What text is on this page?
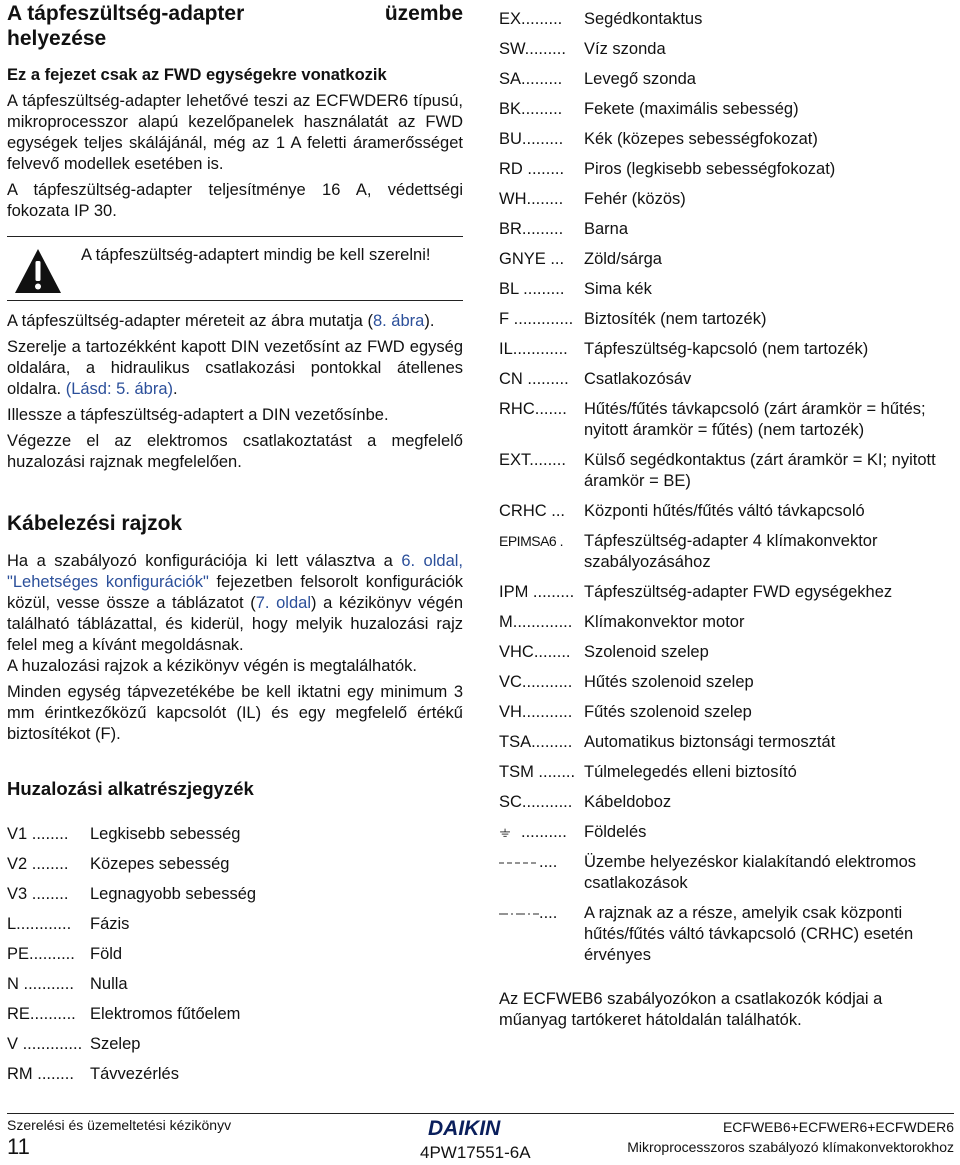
A tápfeszültség-adapter	üzembe
helyezése
Ez a fejezet csak az FWD egységekre vonatkozik

A tápfeszültség-adapter lehetővé teszi az ECFWDER6 típusú, mikroprocesszor alapú kezelőpanelek használatát az FWD egységek teljes skálájánál, még az 1 A feletti áramerősséget felvevő modellek esetében is.

A tápfeszültség-adapter teljesítménye 16 A, védettségi fokozata IP 30.

A tápfeszültség-adaptert mindig be kell szerelni!

A tápfeszültség-adapter méreteit az ábra mutatja (8. ábra).

Szerelje a tartozékként kapott DIN vezetősínt az FWD egység oldalára, a hidraulikus csatlakozási pontokkal átellenes oldalra. (Lásd: 5. ábra).

Illessze a tápfeszültség-adaptert a DIN vezetősínbe.

Végezze el az elektromos csatlakoztatást a megfelelő huzalozási rajznak megfelelően.

Kábelezési rajzok

Ha a szabályozó konfigurációja ki lett választva a 6. oldal, "Lehetséges konfigurációk" fejezetben felsorolt konfigurációk közül, vesse össze a táblázatot (7. oldal) a kézikönyv végén található táblázattal, és kiderül, hogy melyik huzalozási rajz felel meg a kívánt megoldásnak.

A huzalozási rajzok a kézikönyv végén is megtalálhatók.

Minden egység tápvezetékébe be kell iktatni egy minimum 3 mm érintkezőközű kapcsolót (IL) és egy megfelelő értékű biztosítékot (F).

Huzalozási alkatrészjegyzék
V1 ........	Legkisebb sebesség
V2 ........	Közepes sebesség
V3 ........	Legnagyobb sebesség
L............	Fázis
PE.......... Föld
N ........... Nulla
RE.......... Elektromos fűtőelem
V ............. Szelep
RM ........ Távvezérlés
EX.........	Segédkontaktus
SW.........	Víz szonda
SA.........	Levegő szonda
BK.........	Fekete (maximális sebesség)
BU.........	Kék (közepes sebességfokozat)
RD ........	Piros (legkisebb sebességfokozat)
WH........	Fehér (közös)
BR.........	Barna
GNYE ...	Zöld/sárga
BL .........	Sima kék
F ............. Biztosíték (nem tartozék)
IL............ Tápfeszültség-kapcsoló (nem tartozék)
CN ......... Csatlakozósáv
RHC.......	Hűtés/fűtés távkapcsoló (zárt áramkör = hűtés; nyitott áramkör = fűtés) (nem tartozék)
EXT........	Külső segédkontaktus (zárt áramkör = KI; nyitott áramkör = BE)
CRHC ...	Központi hűtés/fűtés váltó távkapcsoló
EPIMSA6 .	Tápfeszültség-adapter 4 klímakonvektor szabályozásához
IPM ......... Tápfeszültség-adapter FWD egységekhez
M............. Klímakonvektor motor
VHC........ Szolenoid szelep
VC........... Hűtés szolenoid szelep
VH........... Fűtés szolenoid szelep
TSA......... Automatikus biztonsági termosztát
TSM ........ Túlmelegedés elleni biztosító
SC........... Kábeldoboz
..........	Földelés
....	Üzembe helyezéskor kialakítandó elektromos csatlakozások
....	A rajznak az a része, amelyik csak központi hűtés/fűtés váltó távkapcsoló (CRHC) esetén érvényes
Az ECFWEB6 szabályozókon a csatlakozók kódjai a műanyag tartókeret hátoldalán találhatók.
Szerelési és üzemeltetési kézikönyv
11
DAIKIN
4PW17551-6A
ECFWEB6+ECFWER6+ECFWDER6
Mikroprocesszoros szabályozó klímakonvektorokhoz
